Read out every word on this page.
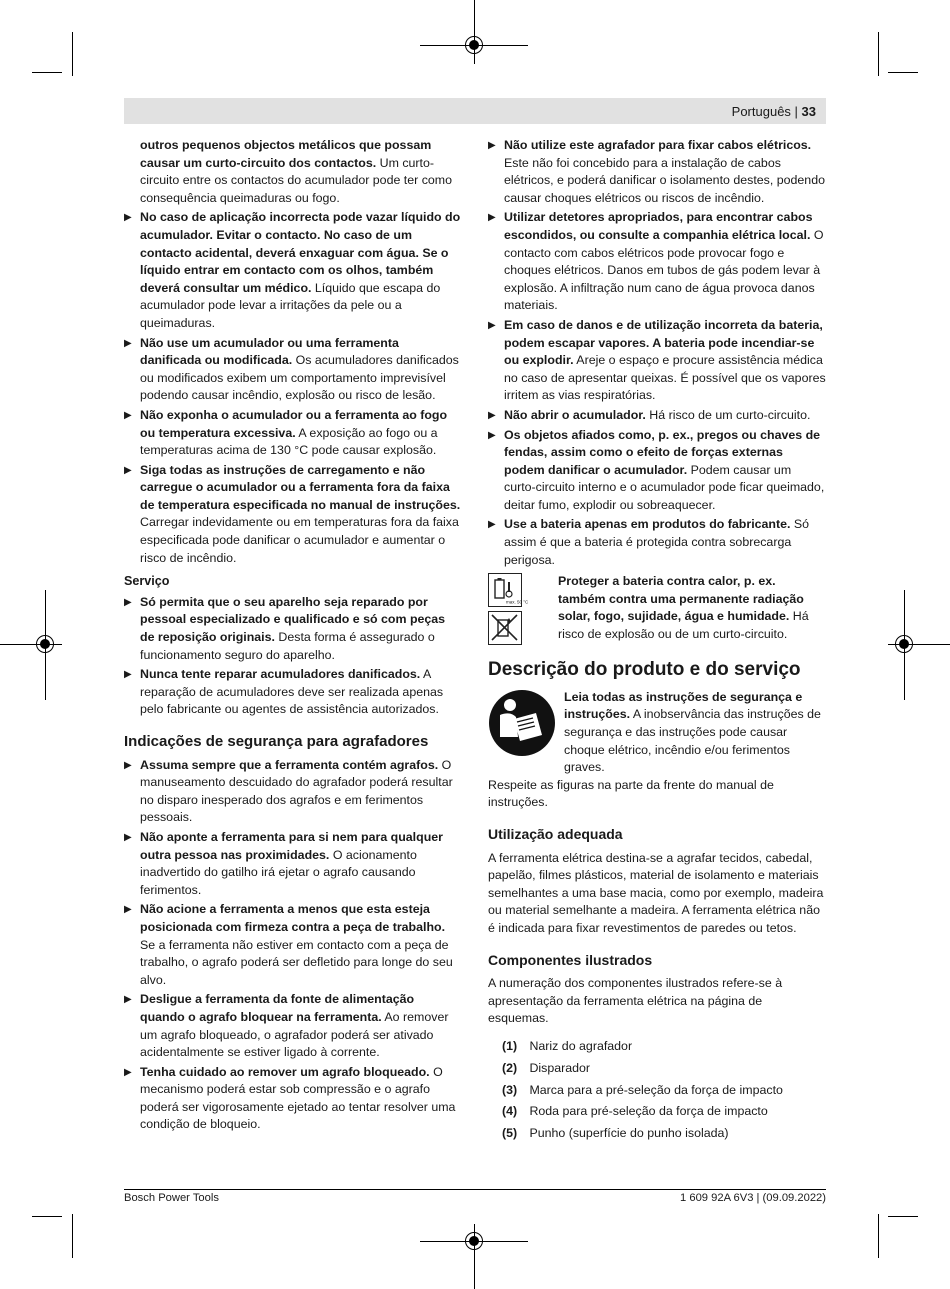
Português | 33
outros pequenos objectos metálicos que possam causar um curto-circuito dos contactos. Um curto-circuito entre os contactos do acumulador pode ter como consequência queimaduras ou fogo.
▶ No caso de aplicação incorrecta pode vazar líquido do acumulador. Evitar o contacto. No caso de um contacto acidental, deverá enxaguar com água. Se o líquido entrar em contacto com os olhos, também deverá consultar um médico. Líquido que escapa do acumulador pode levar a irritações da pele ou a queimaduras.
▶ Não use um acumulador ou uma ferramenta danificada ou modificada. Os acumuladores danificados ou modificados exibem um comportamento imprevisível podendo causar incêndio, explosão ou risco de lesão.
▶ Não exponha o acumulador ou a ferramenta ao fogo ou temperatura excessiva. A exposição ao fogo ou a temperaturas acima de 130 °C pode causar explosão.
▶ Siga todas as instruções de carregamento e não carregue o acumulador ou a ferramenta fora da faixa de temperatura especificada no manual de instruções. Carregar indevidamente ou em temperaturas fora da faixa especificada pode danificar o acumulador e aumentar o risco de incêndio.
Serviço
▶ Só permita que o seu aparelho seja reparado por pessoal especializado e qualificado e só com peças de reposição originais. Desta forma é assegurado o funcionamento seguro do aparelho.
▶ Nunca tente reparar acumuladores danificados. A reparação de acumuladores deve ser realizada apenas pelo fabricante ou agentes de assistência autorizados.
Indicações de segurança para agrafadores
▶ Assuma sempre que a ferramenta contém agrafos. O manuseamento descuidado do agrafador poderá resultar no disparo inesperado dos agrafos e em ferimentos pessoais.
▶ Não aponte a ferramenta para si nem para qualquer outra pessoa nas proximidades. O acionamento inadvertido do gatilho irá ejetar o agrafo causando ferimentos.
▶ Não acione a ferramenta a menos que esta esteja posicionada com firmeza contra a peça de trabalho. Se a ferramenta não estiver em contacto com a peça de trabalho, o agrafo poderá ser defletido para longe do seu alvo.
▶ Desligue a ferramenta da fonte de alimentação quando o agrafo bloquear na ferramenta. Ao remover um agrafo bloqueado, o agrafador poderá ser ativado acidentalmente se estiver ligado à corrente.
▶ Tenha cuidado ao remover um agrafo bloqueado. O mecanismo poderá estar sob compressão e o agrafo poderá ser vigorosamente ejetado ao tentar resolver uma condição de bloqueio.
▶ Não utilize este agrafador para fixar cabos elétricos. Este não foi concebido para a instalação de cabos elétricos, e poderá danificar o isolamento destes, podendo causar choques elétricos ou riscos de incêndio.
▶ Utilizar detetores apropriados, para encontrar cabos escondidos, ou consulte a companhia elétrica local. O contacto com cabos elétricos pode provocar fogo e choques elétricos. Danos em tubos de gás podem levar à explosão. A infiltração num cano de água provoca danos materiais.
▶ Em caso de danos e de utilização incorreta da bateria, podem escapar vapores. A bateria pode incendiar-se ou explodir. Areje o espaço e procure assistência médica no caso de apresentar queixas. É possível que os vapores irritem as vias respiratórias.
▶ Não abrir o acumulador. Há risco de um curto-circuito.
▶ Os objetos afiados como, p. ex., pregos ou chaves de fendas, assim como o efeito de forças externas podem danificar o acumulador. Podem causar um curto-circuito interno e o acumulador pode ficar queimado, deitar fumo, explodir ou sobreaquecer.
▶ Use a bateria apenas em produtos do fabricante. Só assim é que a bateria é protegida contra sobrecarga perigosa.
max. 50 °C
Proteger a bateria contra calor, p. ex. também contra uma permanente radiação solar, fogo, sujidade, água e humidade. Há risco de explosão ou de um curto-circuito.
Descrição do produto e do serviço
Leia todas as instruções de segurança e instruções. A inobservância das instruções de segurança e das instruções pode causar choque elétrico, incêndio e/ou ferimentos graves.
Respeite as figuras na parte da frente do manual de instruções.
Utilização adequada
A ferramenta elétrica destina-se a agrafar tecidos, cabedal, papelão, filmes plásticos, material de isolamento e materiais semelhantes a uma base macia, como por exemplo, madeira ou material semelhante a madeira. A ferramenta elétrica não é indicada para fixar revestimentos de paredes ou tetos.
Componentes ilustrados
A numeração dos componentes ilustrados refere-se à apresentação da ferramenta elétrica na página de esquemas.
(1) Nariz do agrafador
(2) Disparador
(3) Marca para a pré-seleção da força de impacto
(4) Roda para pré-seleção da força de impacto
(5) Punho (superfície do punho isolada)
Bosch Power Tools	1 609 92A 6V3 | (09.09.2022)
